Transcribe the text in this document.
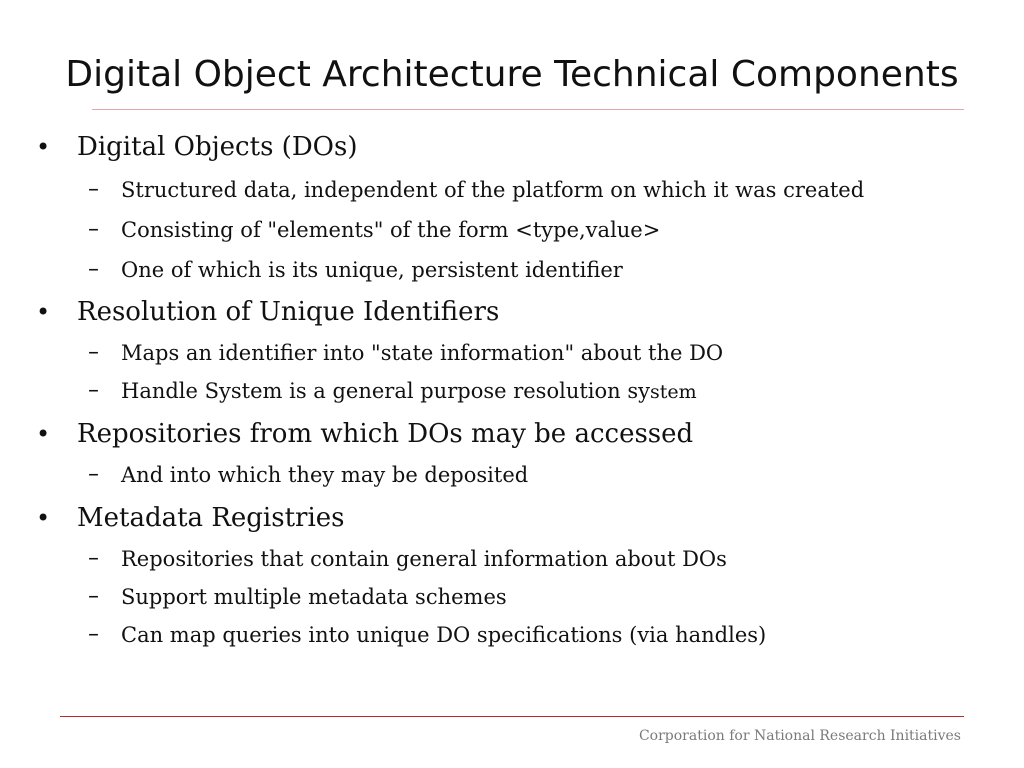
Digital Object Architecture Technical Components
• Digital Objects (DOs)
– Structured data, independent of the platform on which it was created
– Consisting of "elements" of the form <type,value>
– One of which is its unique, persistent identifier
• Resolution of Unique Identifiers
– Maps an identifier into "state information" about the DO
– Handle System is a general purpose resolution system
• Repositories from which DOs may be accessed
– And into which they may be deposited
• Metadata Registries
– Repositories that contain general information about DOs
– Support multiple metadata schemes
– Can map queries into unique DO specifications (via handles)
Corporation for National Research Initiatives
